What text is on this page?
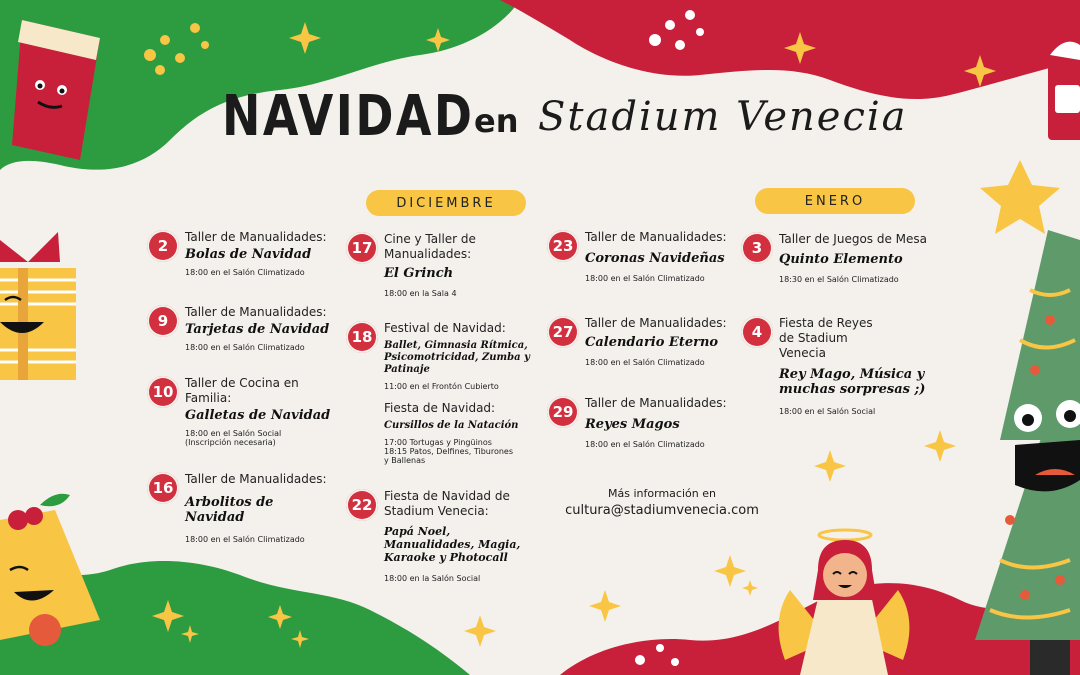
NAVIDAD en Stadium Venecia
DICIEMBRE	ENERO
2	Taller de Manualidades:
Bolas de Navidad
18:00 en el Salón Climatizado
9	Taller de Manualidades:
Tarjetas de Navidad
18:00 en el Salón Climatizado
10 Taller de Cocina en Familia:
Galletas de Navidad
18:00 en el Salón Social
(Inscripción necesaria)
16 Taller de Manualidades:
Arbolitos de Navidad
18:00 en el Salón Climatizado
17 Cine y Taller de Manualidades:
El Grinch
18:00 en la Sala 4
18 Festival de Navidad:
Ballet, Gimnasia Rítmica, Psicomotricidad, Zumba y Patinaje
11:00 en el Frontón Cubierto
Fiesta de Navidad:
Cursillos de la Natación
17:00 Tortugas y Pingüinos
18:15 Patos, Delfines, Tiburones
y Ballenas
22 Fiesta de Navidad de Stadium Venecia:
Papá Noel, Manualidades, Magia, Karaoke y Photocall
18:00 en la Salón Social
23 Taller de Manualidades:
Coronas Navideñas
18:00 en el Salón Climatizado
27 Taller de Manualidades:
Calendario Eterno
18:00 en el Salón Climatizado
29 Taller de Manualidades:
Reyes Magos
18:00 en el Salón Climatizado
3	Taller de Juegos de Mesa
Quinto Elemento
18:30 en el Salón Climatizado
4	Fiesta de Reyes de Stadium Venecia
Rey Mago, Música y muchas sorpresas ;)
18:00 en el Salón Social
Más información en
cultura@stadiumvenecia.com
